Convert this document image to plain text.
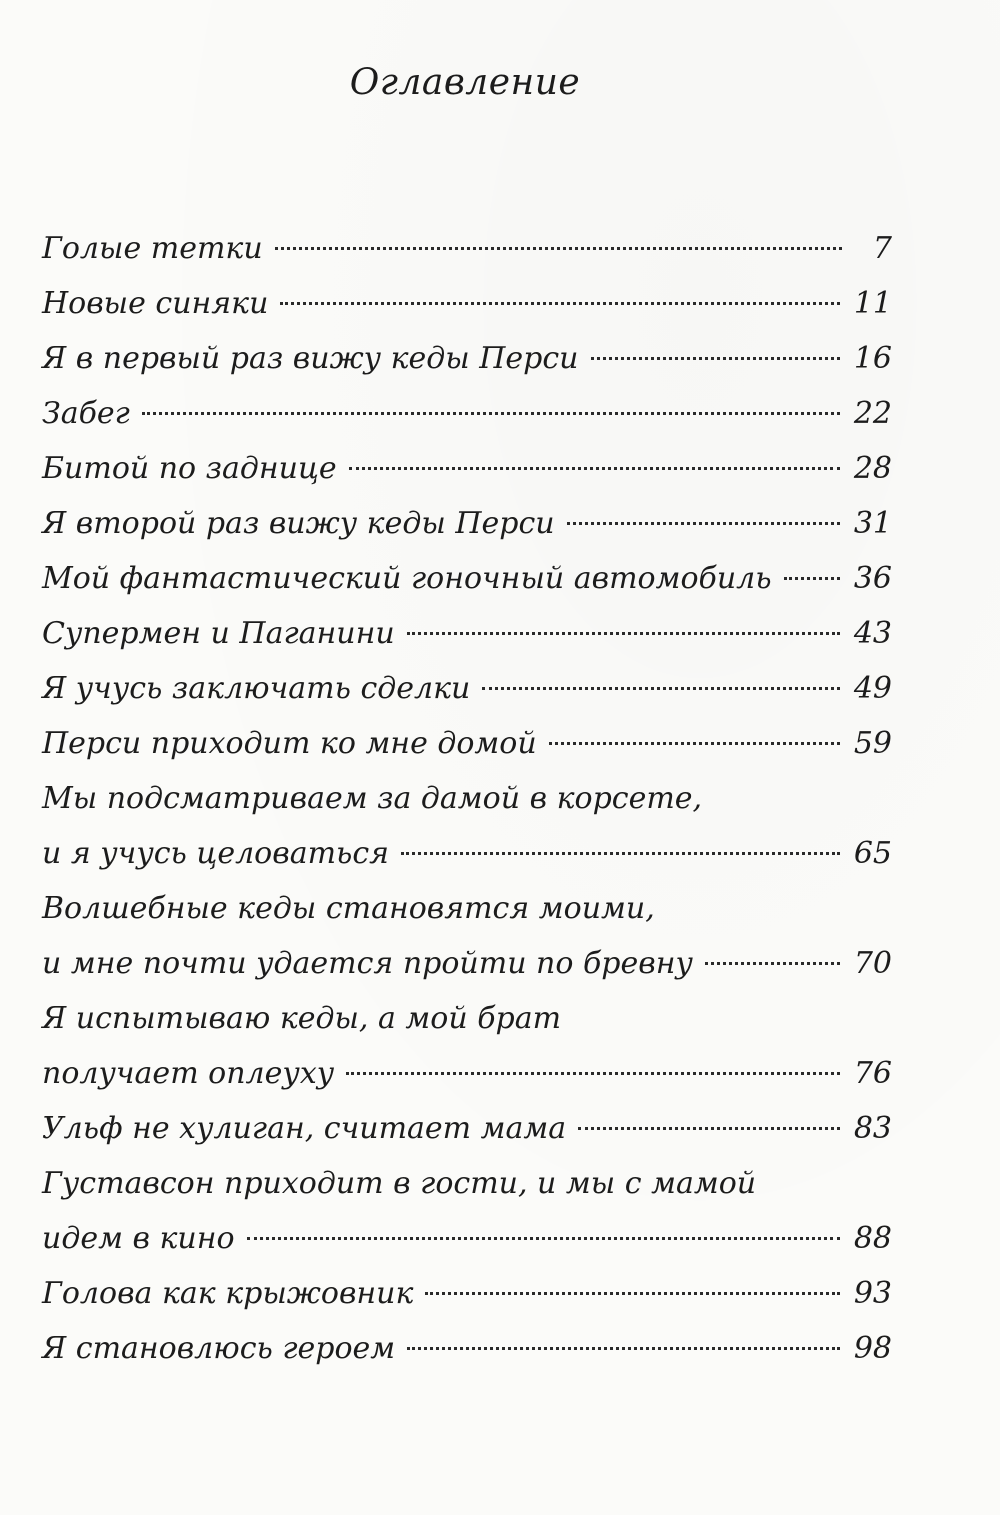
Оглавление
Голые тетки	7
Новые синяки	11
Я в первый раз вижу кеды Перси	16
Забег	22
Битой по заднице	28
Я второй раз вижу кеды Перси	31
Мой фантастический гоночный автомобиль	36
Супермен и Паганини	43
Я учусь заключать сделки	49
Перси приходит ко мне домой	59
Мы подсматриваем за дамой в корсете,
и я учусь целоваться	65
Волшебные кеды становятся моими,
и мне почти удается пройти по бревну	70
Я испытываю кеды, а мой брат
получает оплеуху	76
Ульф не хулиган, считает мама	83
Густавсон приходит в гости, и мы с мамой
идем в кино	88
Голова как крыжовник	93
Я становлюсь героем	98
